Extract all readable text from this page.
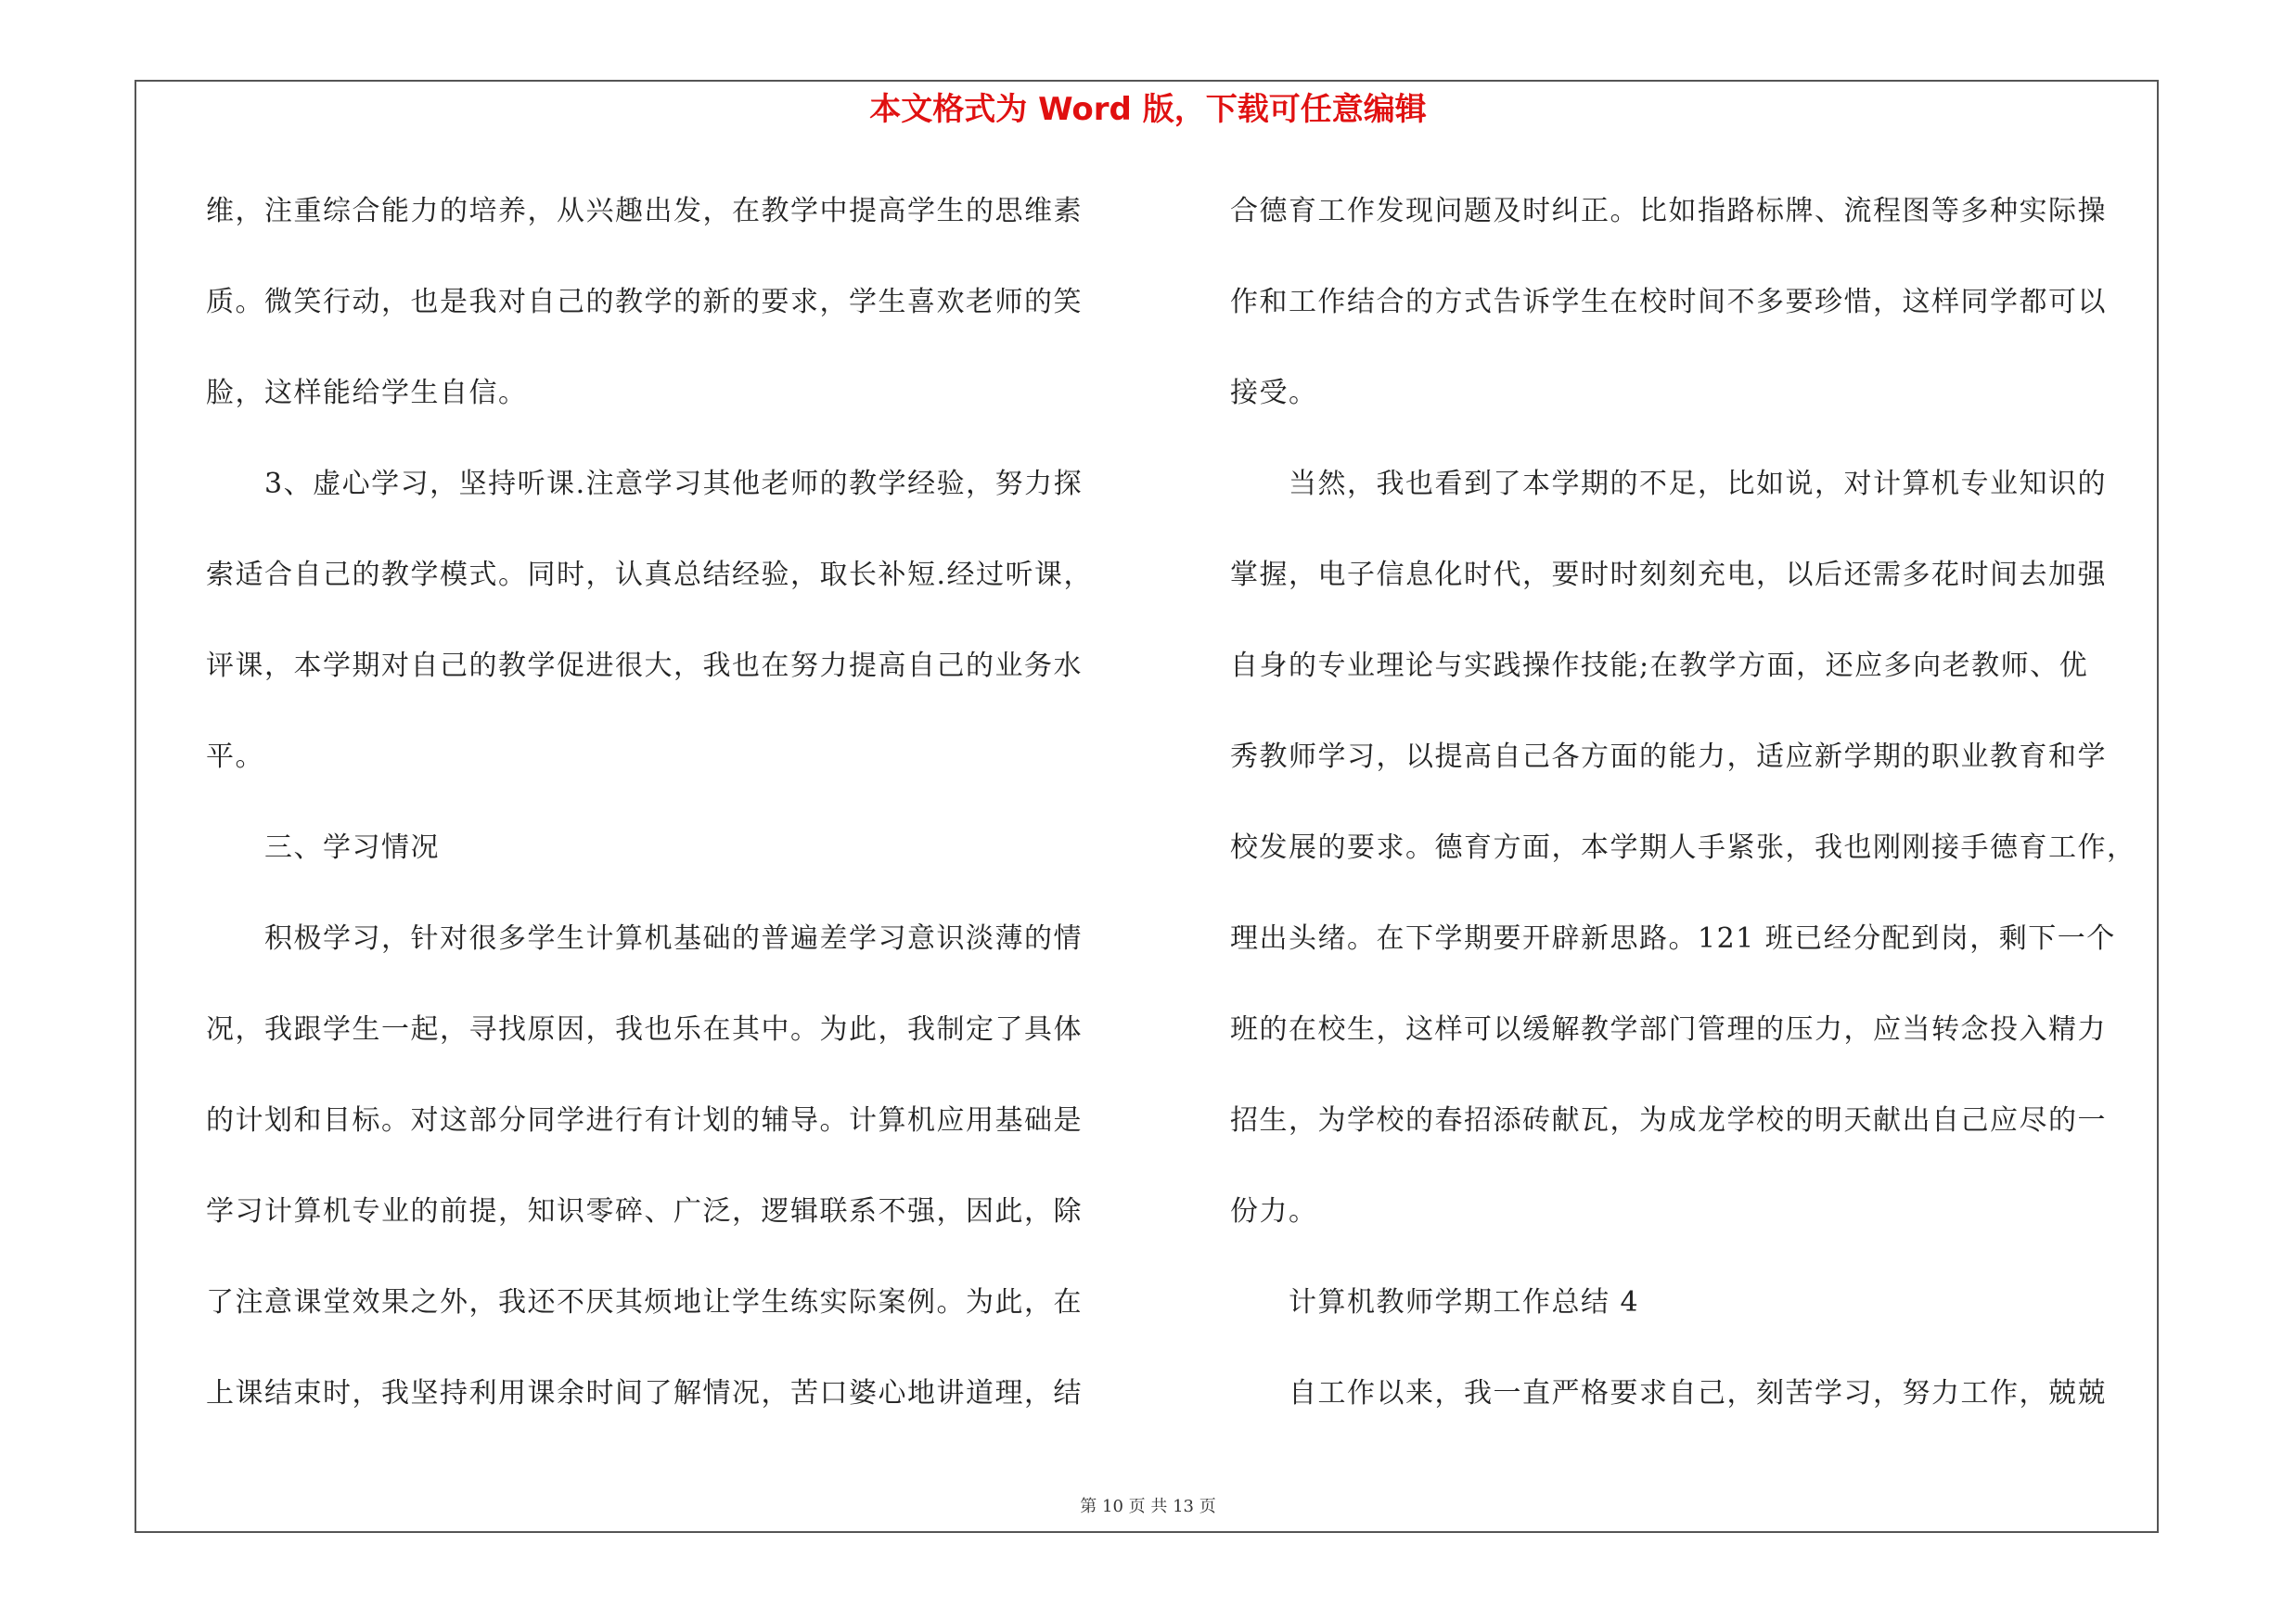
本文格式为 Word 版，下载可任意编辑
维，注重综合能力的培养，从兴趣出发，在教学中提高学生的思维素
质。微笑行动，也是我对自己的教学的新的要求，学生喜欢老师的笑
脸，这样能给学生自信。
　　3、虚心学习，坚持听课.注意学习其他老师的教学经验，努力探
索适合自己的教学模式。同时，认真总结经验，取长补短.经过听课，
评课，本学期对自己的教学促进很大，我也在努力提高自己的业务水
平。
　　三、学习情况
　　积极学习，针对很多学生计算机基础的普遍差学习意识淡薄的情
况，我跟学生一起，寻找原因，我也乐在其中。为此，我制定了具体
的计划和目标。对这部分同学进行有计划的辅导。计算机应用基础是
学习计算机专业的前提，知识零碎、广泛，逻辑联系不强，因此，除
了注意课堂效果之外，我还不厌其烦地让学生练实际案例。为此，在
上课结束时，我坚持利用课余时间了解情况，苦口婆心地讲道理，结
合德育工作发现问题及时纠正。比如指路标牌、流程图等多种实际操
作和工作结合的方式告诉学生在校时间不多要珍惜，这样同学都可以
接受。
　　当然，我也看到了本学期的不足，比如说，对计算机专业知识的
掌握，电子信息化时代，要时时刻刻充电，以后还需多花时间去加强
自身的专业理论与实践操作技能;在教学方面，还应多向老教师、优
秀教师学习，以提高自己各方面的能力，适应新学期的职业教育和学
校发展的要求。德育方面，本学期人手紧张，我也刚刚接手德育工作，
理出头绪。在下学期要开辟新思路。121 班已经分配到岗，剩下一个
班的在校生，这样可以缓解教学部门管理的压力，应当转念投入精力
招生，为学校的春招添砖献瓦，为成龙学校的明天献出自己应尽的一
份力。
　　计算机教师学期工作总结 4
　　自工作以来，我一直严格要求自己，刻苦学习，努力工作，兢兢
第 10 页 共 13 页
